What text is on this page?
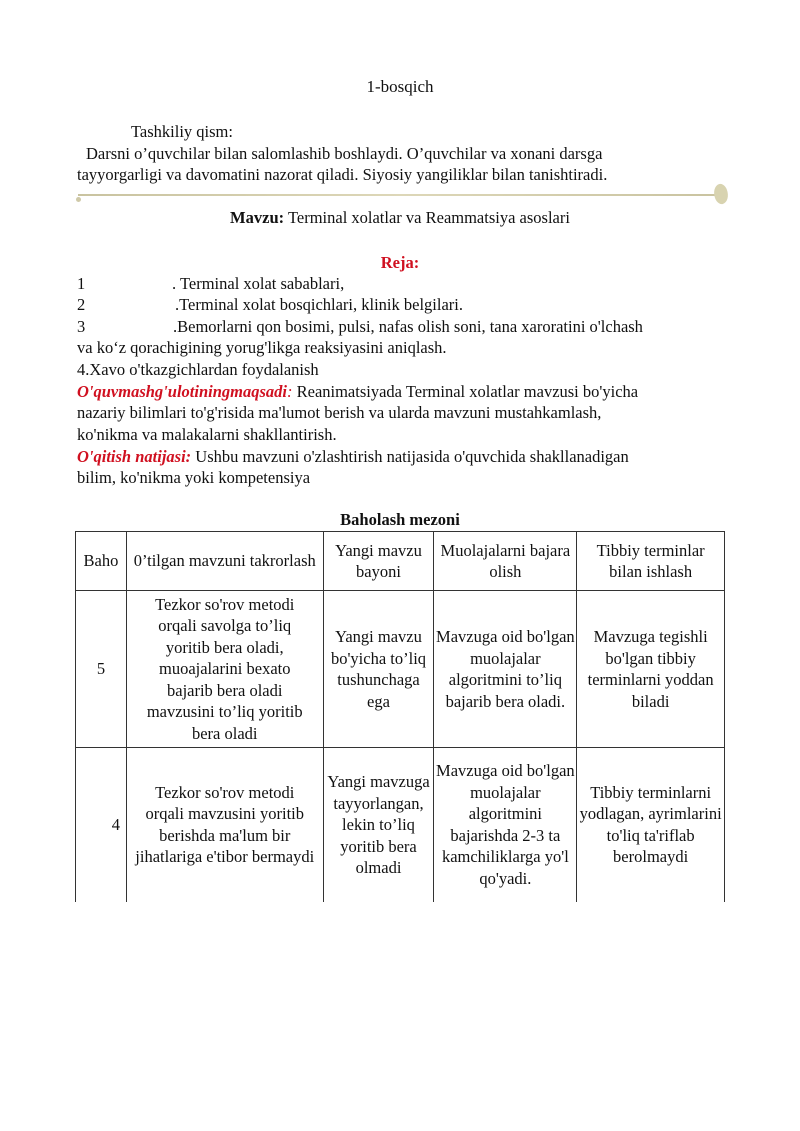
1-bosqich
Tashkiliy qism:
Darsni o’quvchilar bilan salomlashib boshlaydi. O’quvchilar va xonani darsga
tayyorgarligi va davomatini nazorat qiladi. Siyosiy yangiliklar bilan tanishtiradi.
Mavzu: Terminal xolatlar va Reammatsiya asoslari
Reja:
1	. Terminal xolat sabablari,
2	.Terminal xolat bosqichlari, klinik belgilari.
3	.Bemorlarni qon bosimi, pulsi, nafas olish soni, tana xaroratini o'lchash
va ko‘z qorachigining yorug'likga reaksiyasini aniqlash.
4.Xavo o'tkazgichlardan foydalanish
O'quvmashg'ulotiningmaqsadi: Reanimatsiyada Terminal xolatlar mavzusi bo'yicha
nazariy bilimlari to'g'risida ma'lumot berish va ularda mavzuni mustahkamlash,
ko'nikma va malakalarni shakllantirish.
O'qitish natijasi: Ushbu mavzuni o'zlashtirish natijasida o'quvchida shakllanadigan
bilim, ko'nikma yoki kompetensiya
Baholash mezoni
Baho	0’tilgan mavzuni takrorlash	Yangi mavzu bayoni	Muolajalarni bajara olish	Tibbiy terminlar bilan ishlash
5	Tezkor so'rov metodi orqali savolga to’liq yoritib bera oladi, muoajalarini bexato bajarib bera oladi mavzusini to’liq yoritib bera oladi	Yangi mavzu bo'yicha to’liq tushunchaga ega	Mavzuga oid bo'lgan muolajalar algoritmini to’liq bajarib bera oladi.	Mavzuga tegishli bo'lgan tibbiy terminlarni yoddan biladi
4	Tezkor so'rov metodi orqali mavzusini yoritib berishda ma'lum bir jihatlariga e'tibor bermaydi	Yangi mavzuga tayyorlangan, lekin to’liq yoritib bera olmadi	Mavzuga oid bo'lgan muolajalar algoritmini bajarishda 2-3 ta kamchiliklarga yo'l qo'yadi.	Tibbiy terminlarni yodlagan, ayrimlarini to'liq ta'riflab berolmaydi
